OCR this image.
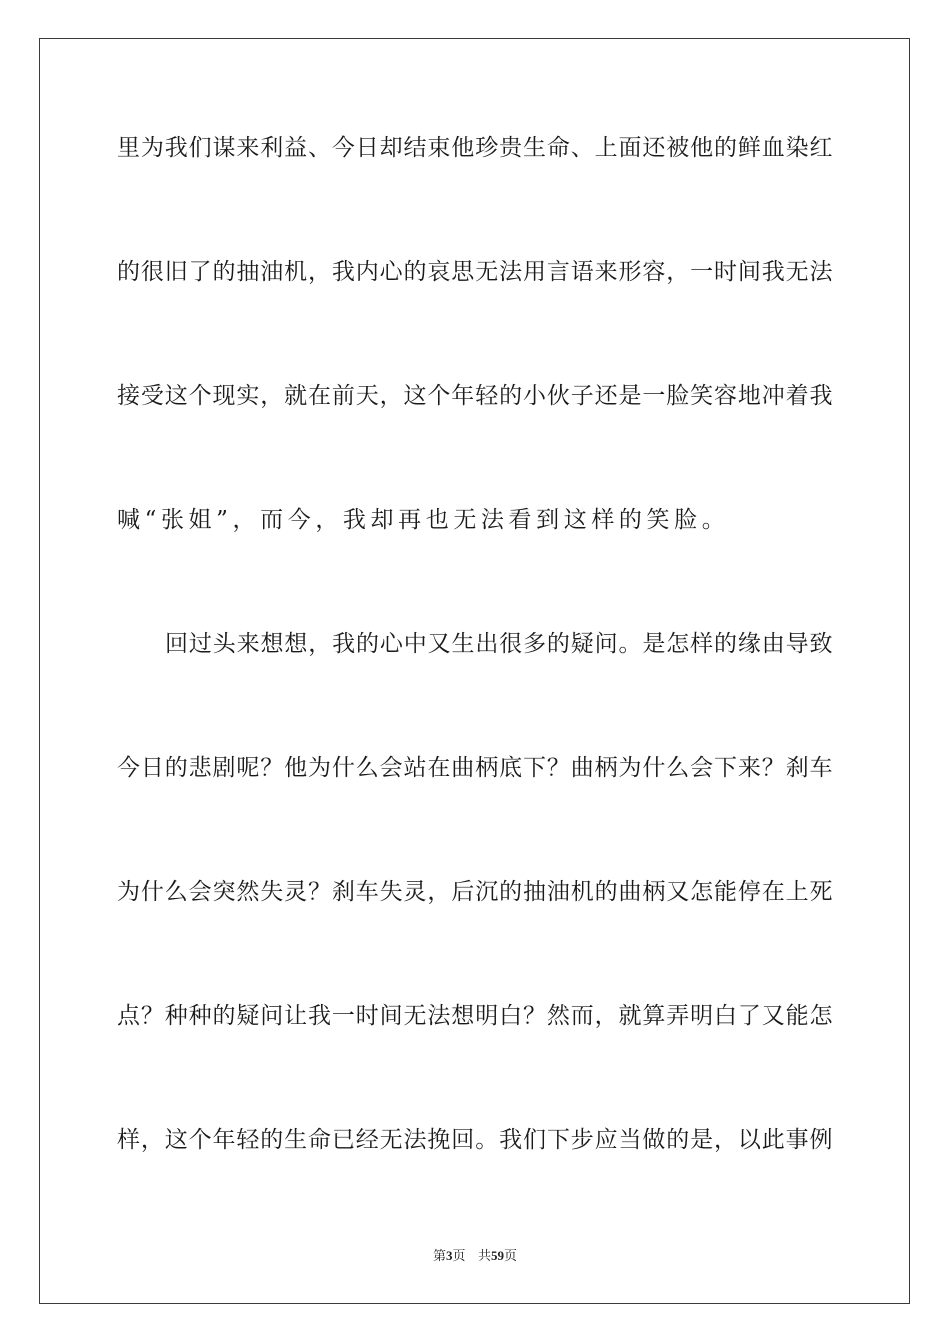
里为我们谋来利益、今日却结束他珍贵生命、上面还被他的鲜血染红
的很旧了的抽油机，我内心的哀思无法用言语来形容，一时间我无法
接受这个现实，就在前天，这个年轻的小伙子还是一脸笑容地冲着我
喊“张姐”，而今，我却再也无法看到这样的笑脸。
回过头来想想，我的心中又生出很多的疑问。是怎样的缘由导致
今日的悲剧呢？他为什么会站在曲柄底下？曲柄为什么会下来？刹车
为什么会突然失灵？刹车失灵，后沉的抽油机的曲柄又怎能停在上死
点？种种的疑问让我一时间无法想明白？然而，就算弄明白了又能怎
样，这个年轻的生命已经无法挽回。我们下步应当做的是，以此事例
第3页 共59页
